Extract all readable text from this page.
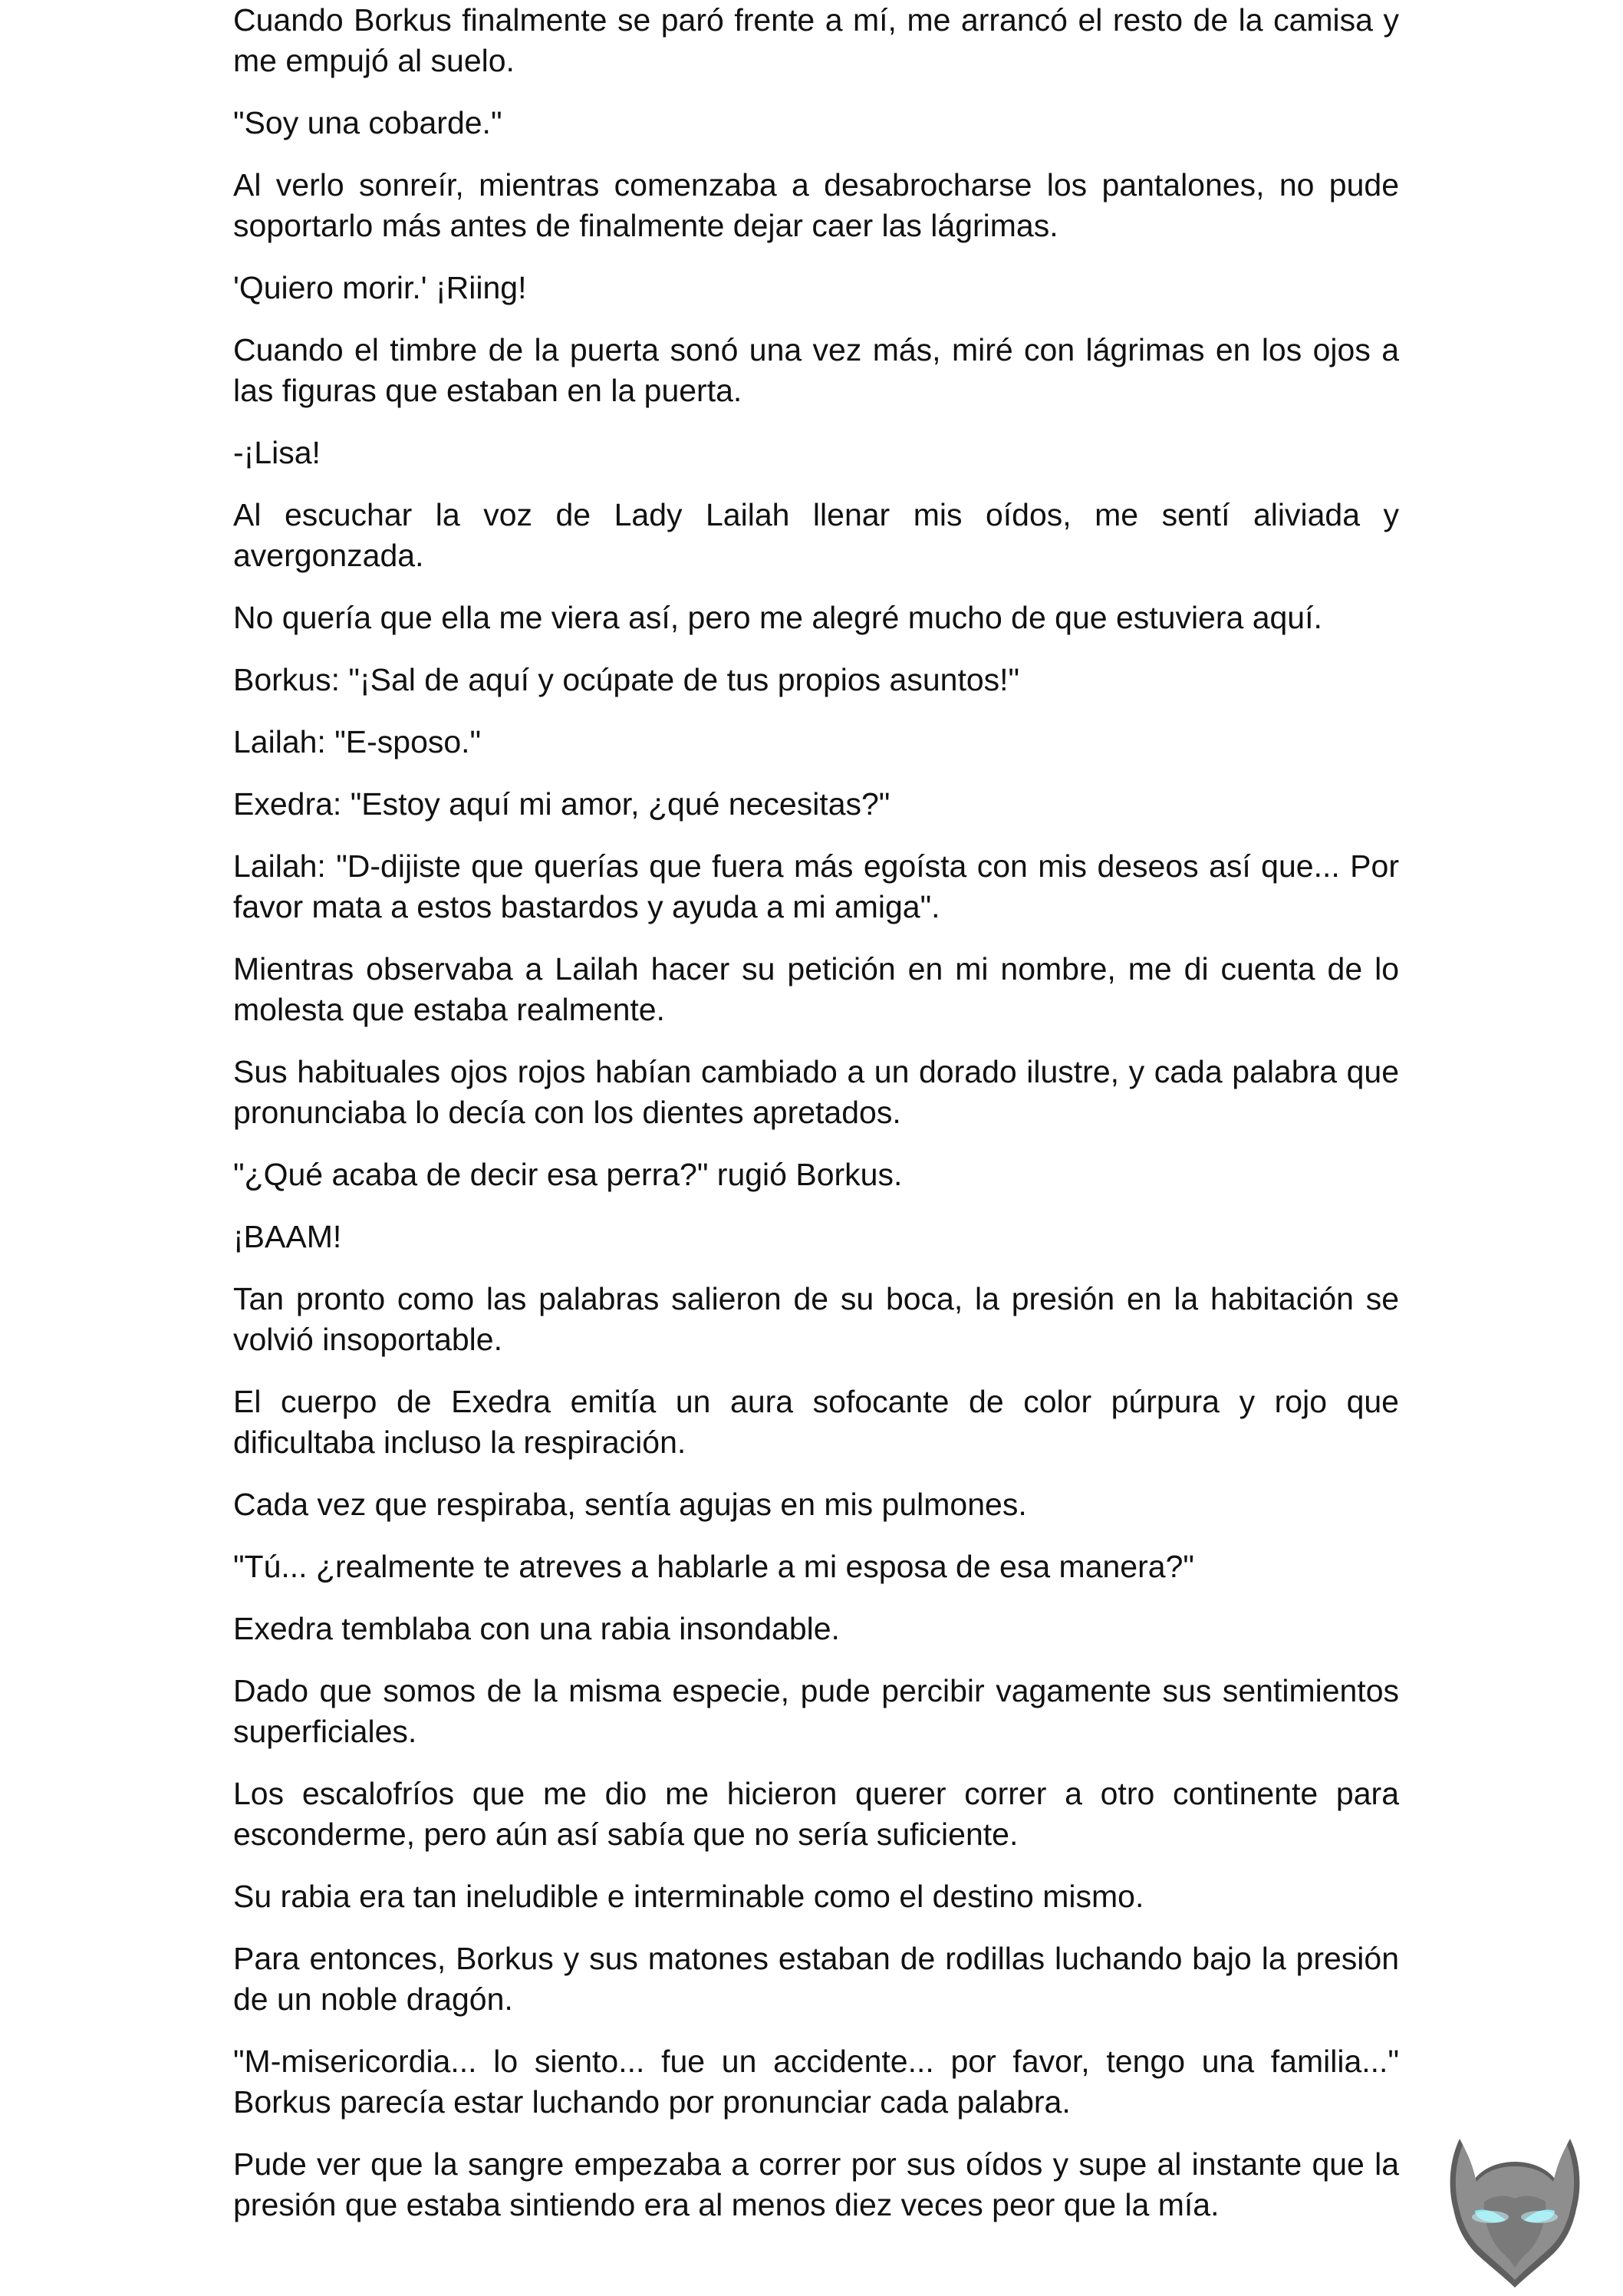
Cuando Borkus finalmente se paró frente a mí, me arrancó el resto de la camisa y me empujó al suelo.

"Soy una cobarde."

Al verlo sonreír, mientras comenzaba a desabrocharse los pantalones, no pude soportarlo más antes de finalmente dejar caer las lágrimas.

'Quiero morir.' ¡Riing!

Cuando el timbre de la puerta sonó una vez más, miré con lágrimas en los ojos a las figuras que estaban en la puerta.

-¡Lisa!

Al escuchar la voz de Lady Lailah llenar mis oídos, me sentí aliviada y avergonzada.

No quería que ella me viera así, pero me alegré mucho de que estuviera aquí.

Borkus: "¡Sal de aquí y ocúpate de tus propios asuntos!"

Lailah: "E-sposo."

Exedra: "Estoy aquí mi amor, ¿qué necesitas?"

Lailah: "D-dijiste que querías que fuera más egoísta con mis deseos así que... Por favor mata a estos bastardos y ayuda a mi amiga".

Mientras observaba a Lailah hacer su petición en mi nombre, me di cuenta de lo molesta que estaba realmente.

Sus habituales ojos rojos habían cambiado a un dorado ilustre, y cada palabra que pronunciaba lo decía con los dientes apretados.

"¿Qué acaba de decir esa perra?" rugió Borkus.

¡BAAM!

Tan pronto como las palabras salieron de su boca, la presión en la habitación se volvió insoportable.

El cuerpo de Exedra emitía un aura sofocante de color púrpura y rojo que dificultaba incluso la respiración.

Cada vez que respiraba, sentía agujas en mis pulmones.

"Tú... ¿realmente te atreves a hablarle a mi esposa de esa manera?"

Exedra temblaba con una rabia insondable.

Dado que somos de la misma especie, pude percibir vagamente sus sentimientos superficiales.

Los escalofríos que me dio me hicieron querer correr a otro continente para esconderme, pero aún así sabía que no sería suficiente.

Su rabia era tan ineludible e interminable como el destino mismo.

Para entonces, Borkus y sus matones estaban de rodillas luchando bajo la presión de un noble dragón.

"M-misericordia... lo siento... fue un accidente... por favor, tengo una familia..." Borkus parecía estar luchando por pronunciar cada palabra.

Pude ver que la sangre empezaba a correr por sus oídos y supe al instante que la presión que estaba sintiendo era al menos diez veces peor que la mía.
